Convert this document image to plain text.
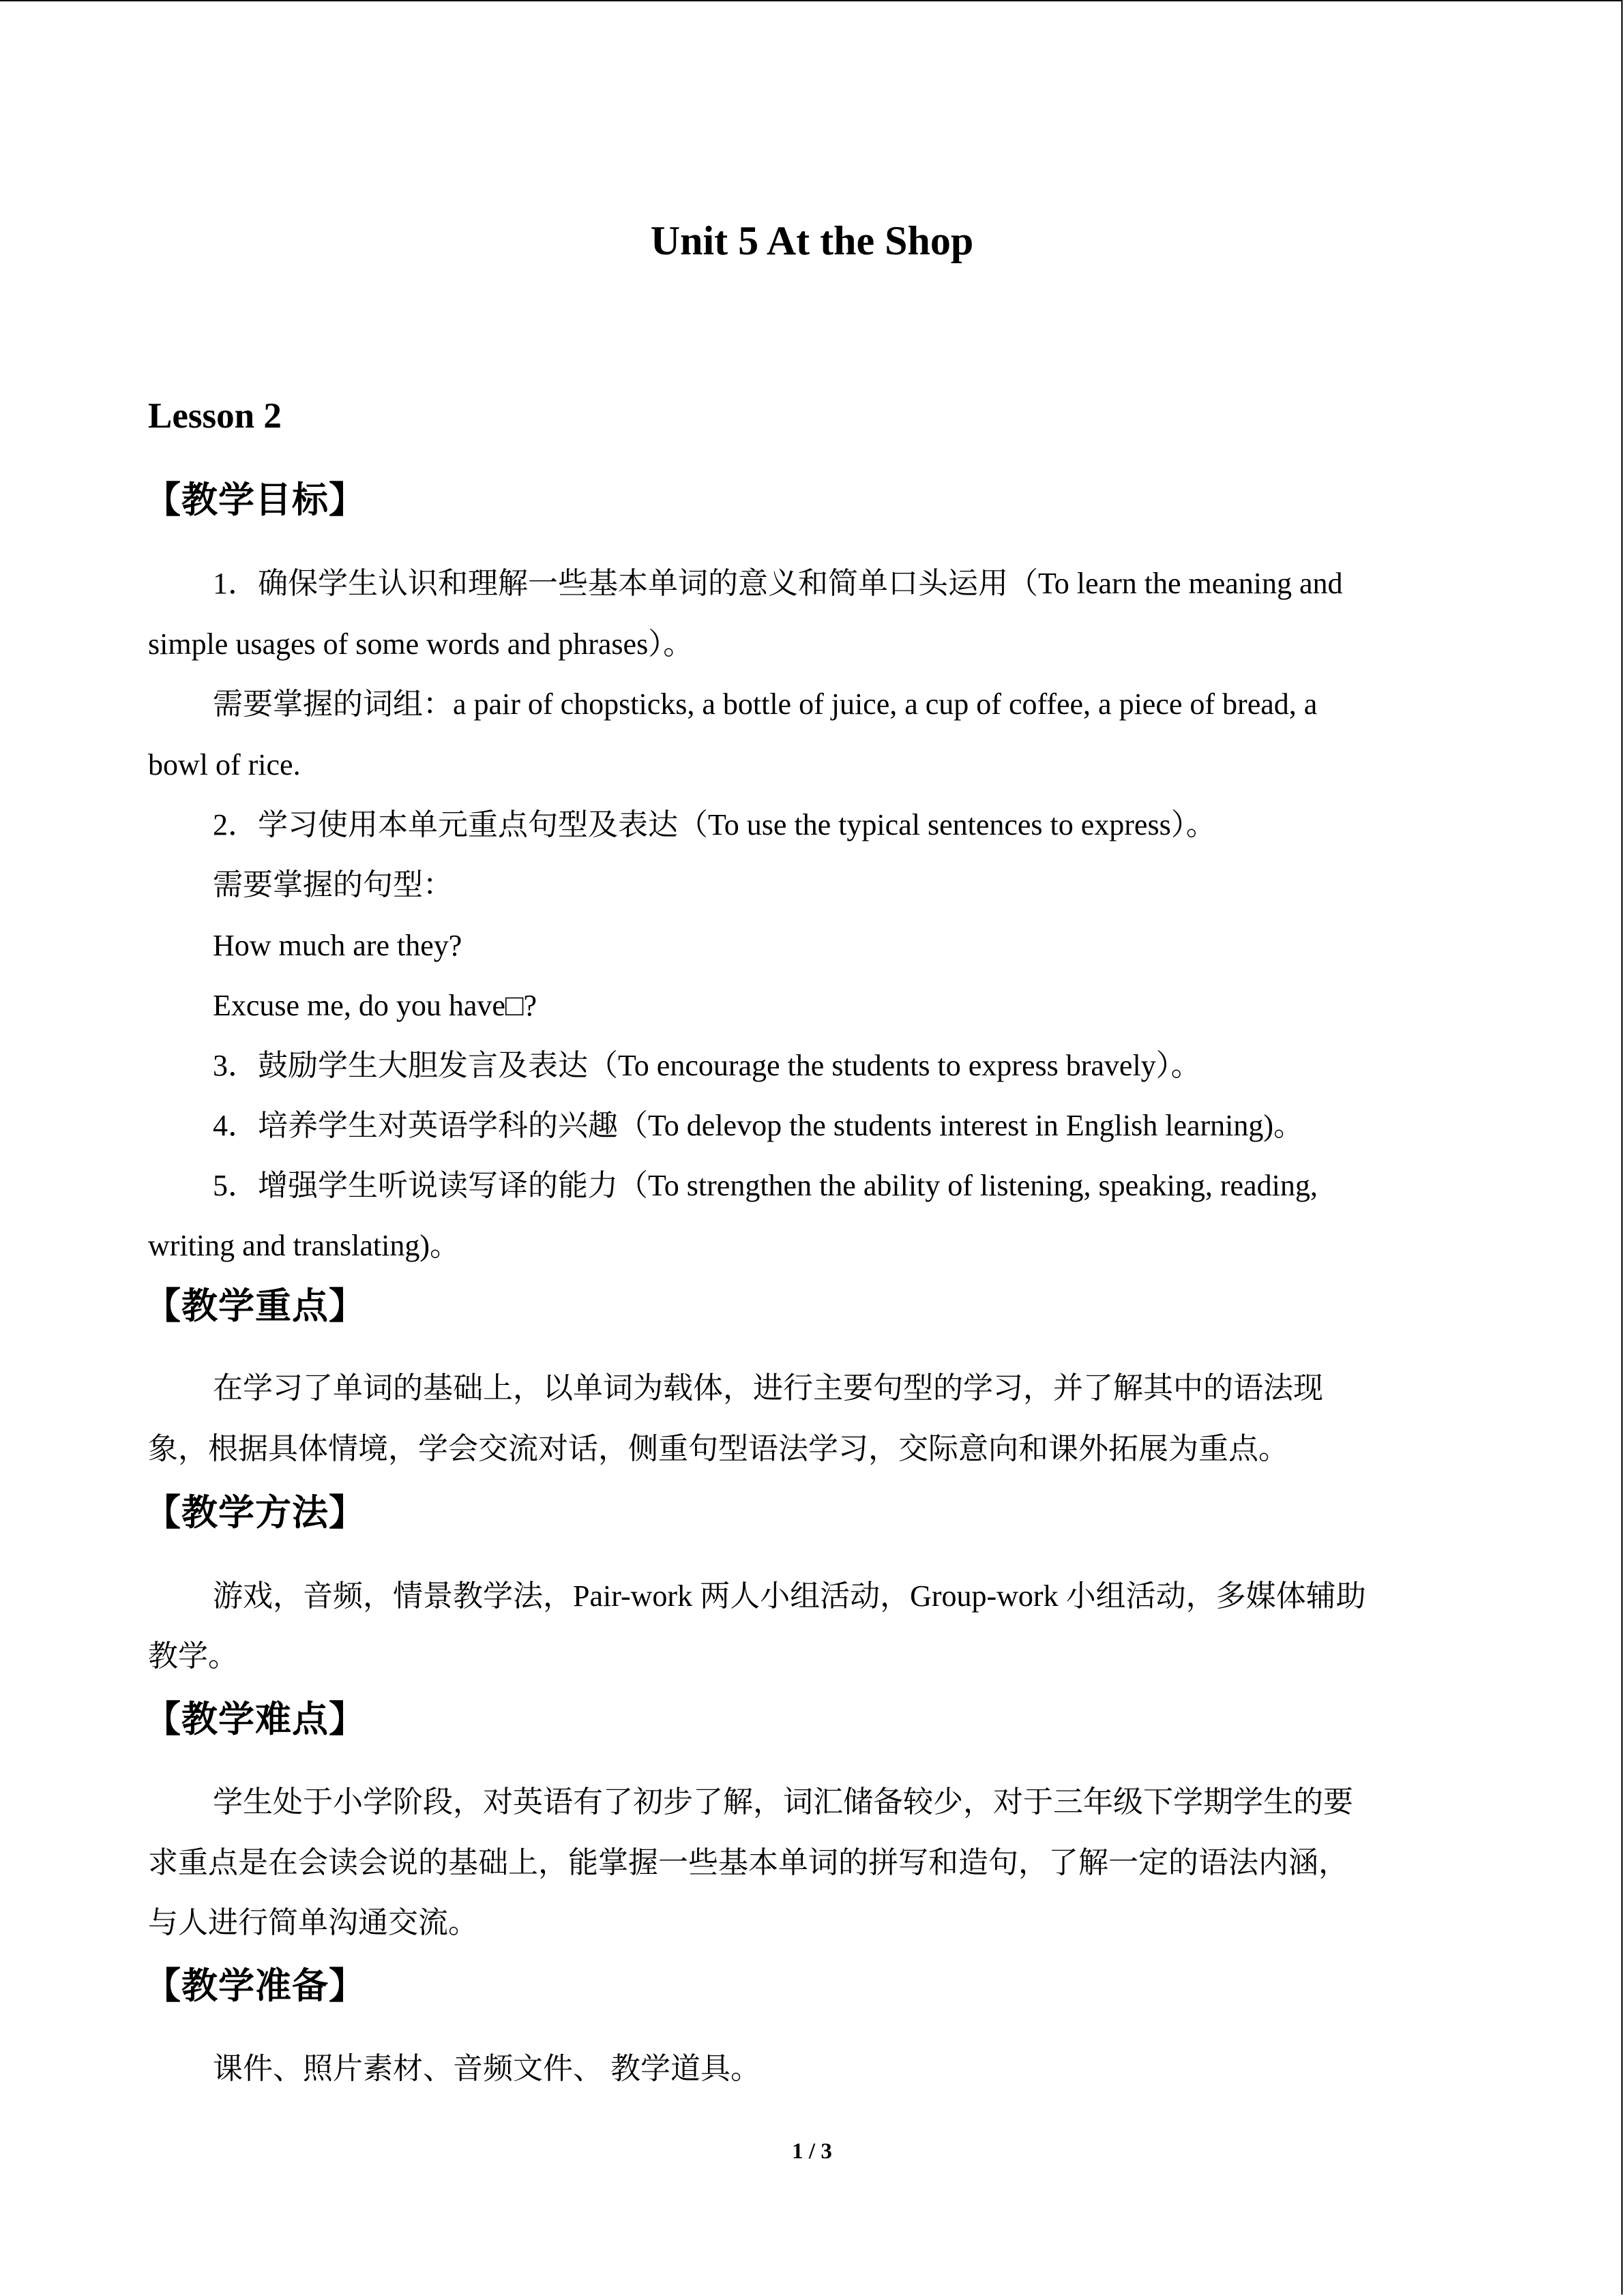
Unit 5 At the Shop
Lesson 2
【教学目标】

1．确保学生认识和理解一些基本单词的意义和简单口头运用（To learn the meaning and

simple usages of some words and phrases）。

需要掌握的词组：a pair of chopsticks, a bottle of juice, a cup of coffee, a piece of bread, a

bowl of rice.

2．学习使用本单元重点句型及表达（To use the typical sentences to express）。

需要掌握的句型：

How much are they?

Excuse me, do you have□?

3．鼓励学生大胆发言及表达（To encourage the students to express bravely）。

4．培养学生对英语学科的兴趣（To delevop the students interest in English learning)。

5．增强学生听说读写译的能力（To strengthen the ability of listening, speaking, reading,

writing and translating)。

【教学重点】

在学习了单词的基础上，以单词为载体，进行主要句型的学习，并了解其中的语法现

象，根据具体情境，学会交流对话，侧重句型语法学习，交际意向和课外拓展为重点。

【教学方法】

游戏，音频，情景教学法，Pair-work 两人小组活动，Group-work 小组活动，多媒体辅助

教学。

【教学难点】

学生处于小学阶段，对英语有了初步了解，词汇储备较少，对于三年级下学期学生的要

求重点是在会读会说的基础上，能掌握一些基本单词的拼写和造句，了解一定的语法内涵，

与人进行简单沟通交流。

【教学准备】

课件、照片素材、音频文件、 教学道具。

1 / 3
